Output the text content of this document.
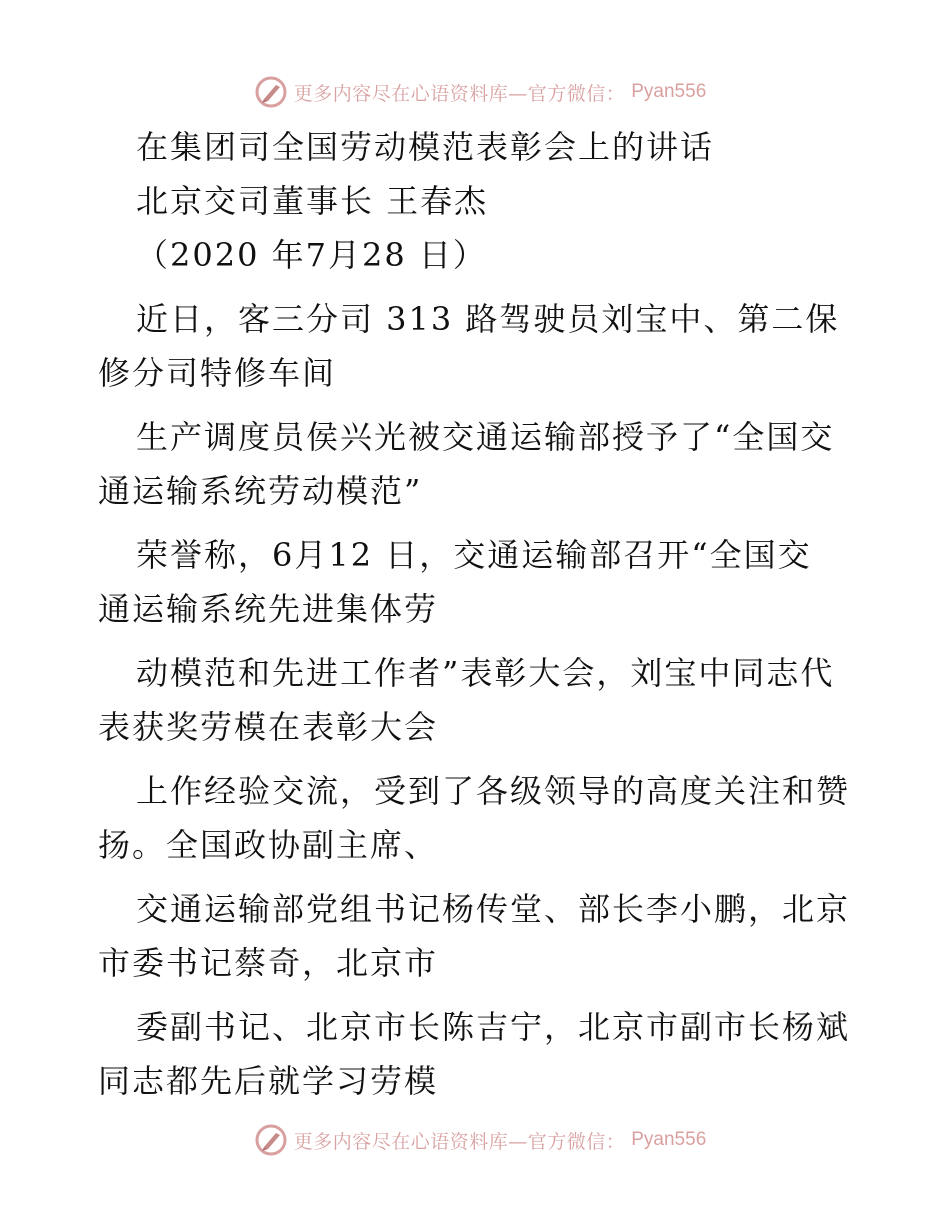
更多内容尽在心语资料库—官方微信： Pyan556
在集团司全国劳动模范表彰会上的讲话
北京交司董事长 王春杰
（2020 年7月28 日）
近日，客三分司 313 路驾驶员刘宝中、第二保
修分司特修车间
生产调度员侯兴光被交通运输部授予了“全国交
通运输系统劳动模范”
荣誉称，6月12 日，交通运输部召开“全国交
通运输系统先进集体劳
动模范和先进工作者”表彰大会，刘宝中同志代
表获奖劳模在表彰大会
上作经验交流，受到了各级领导的高度关注和赞
扬。全国政协副主席、
交通运输部党组书记杨传堂、部长李小鹏，北京
市委书记蔡奇，北京市
委副书记、北京市长陈吉宁，北京市副市长杨斌
同志都先后就学习劳模
更多内容尽在心语资料库—官方微信： Pyan556
